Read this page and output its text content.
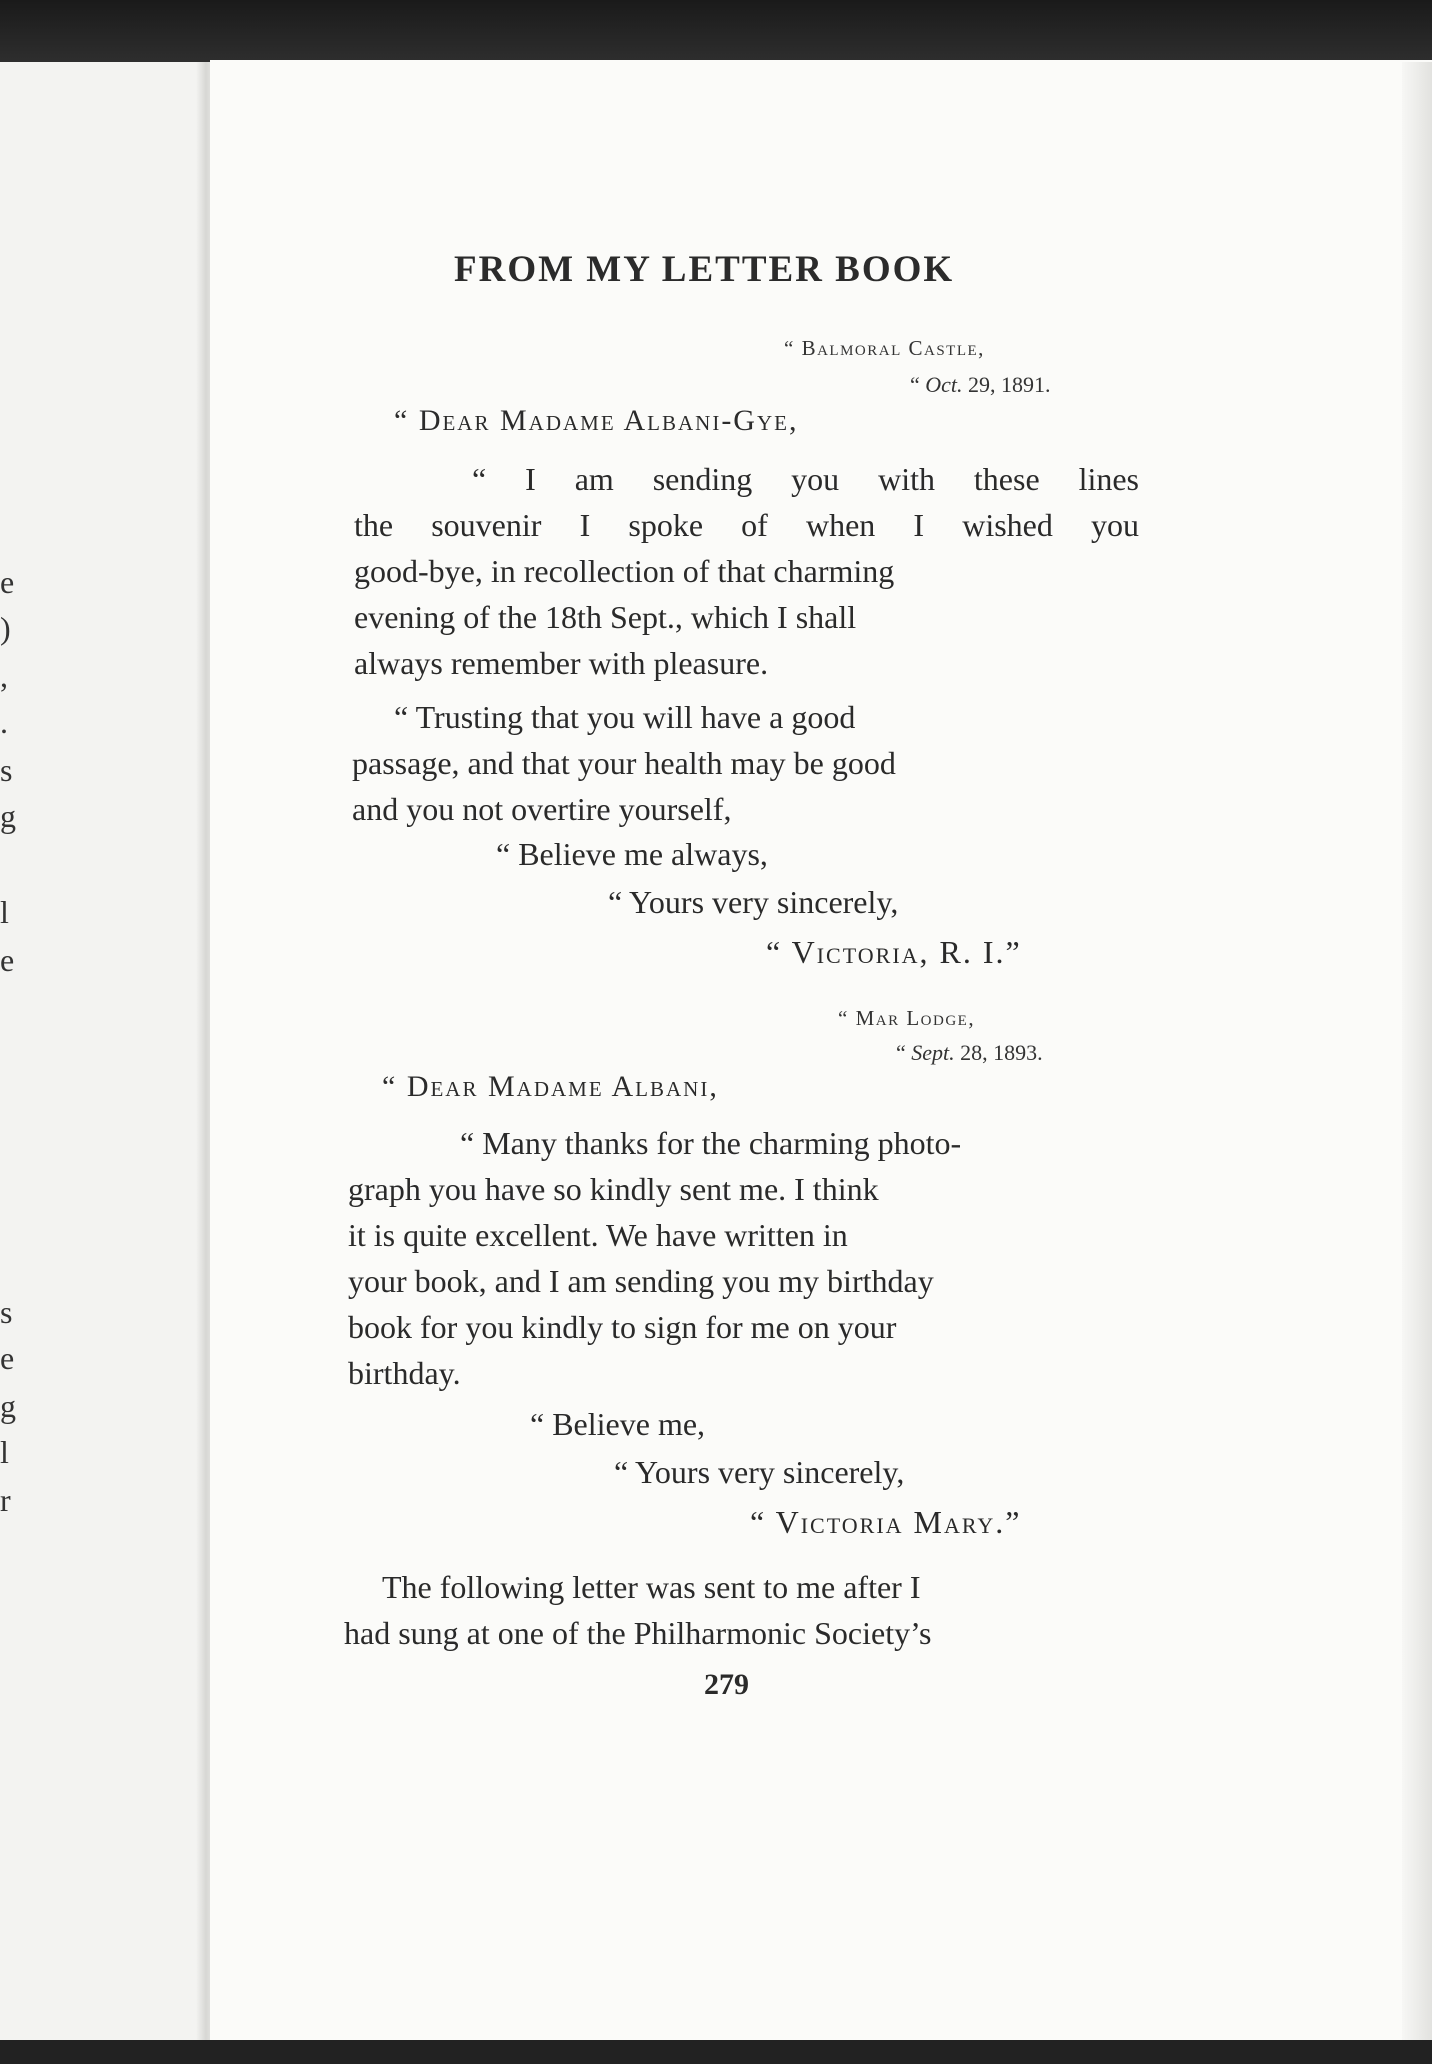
e
)
,
.
s
g
l
e
s
e
g
l
r
FROM MY LETTER BOOK
“ Balmoral Castle,
“ Oct. 29, 1891.
“ Dear Madame Albani-Gye,
“ I am sending you with these lines
the souvenir I spoke of when I wished you
good-bye, in recollection of that charming
evening of the 18th Sept., which I shall
always remember with pleasure.
“ Trusting that you will have a good
passage, and that your health may be good
and you not overtire yourself,
“ Believe me always,
“ Yours very sincerely,
“ Victoria, R. I.”
“ Mar Lodge,
“ Sept. 28, 1893.
“ Dear Madame Albani,
“ Many thanks for the charming photo-
graph you have so kindly sent me. I think
it is quite excellent. We have written in
your book, and I am sending you my birthday
book for you kindly to sign for me on your
birthday.
“ Believe me,
“ Yours very sincerely,
“ Victoria Mary.”
The following letter was sent to me after I
had sung at one of the Philharmonic Society’s
279
